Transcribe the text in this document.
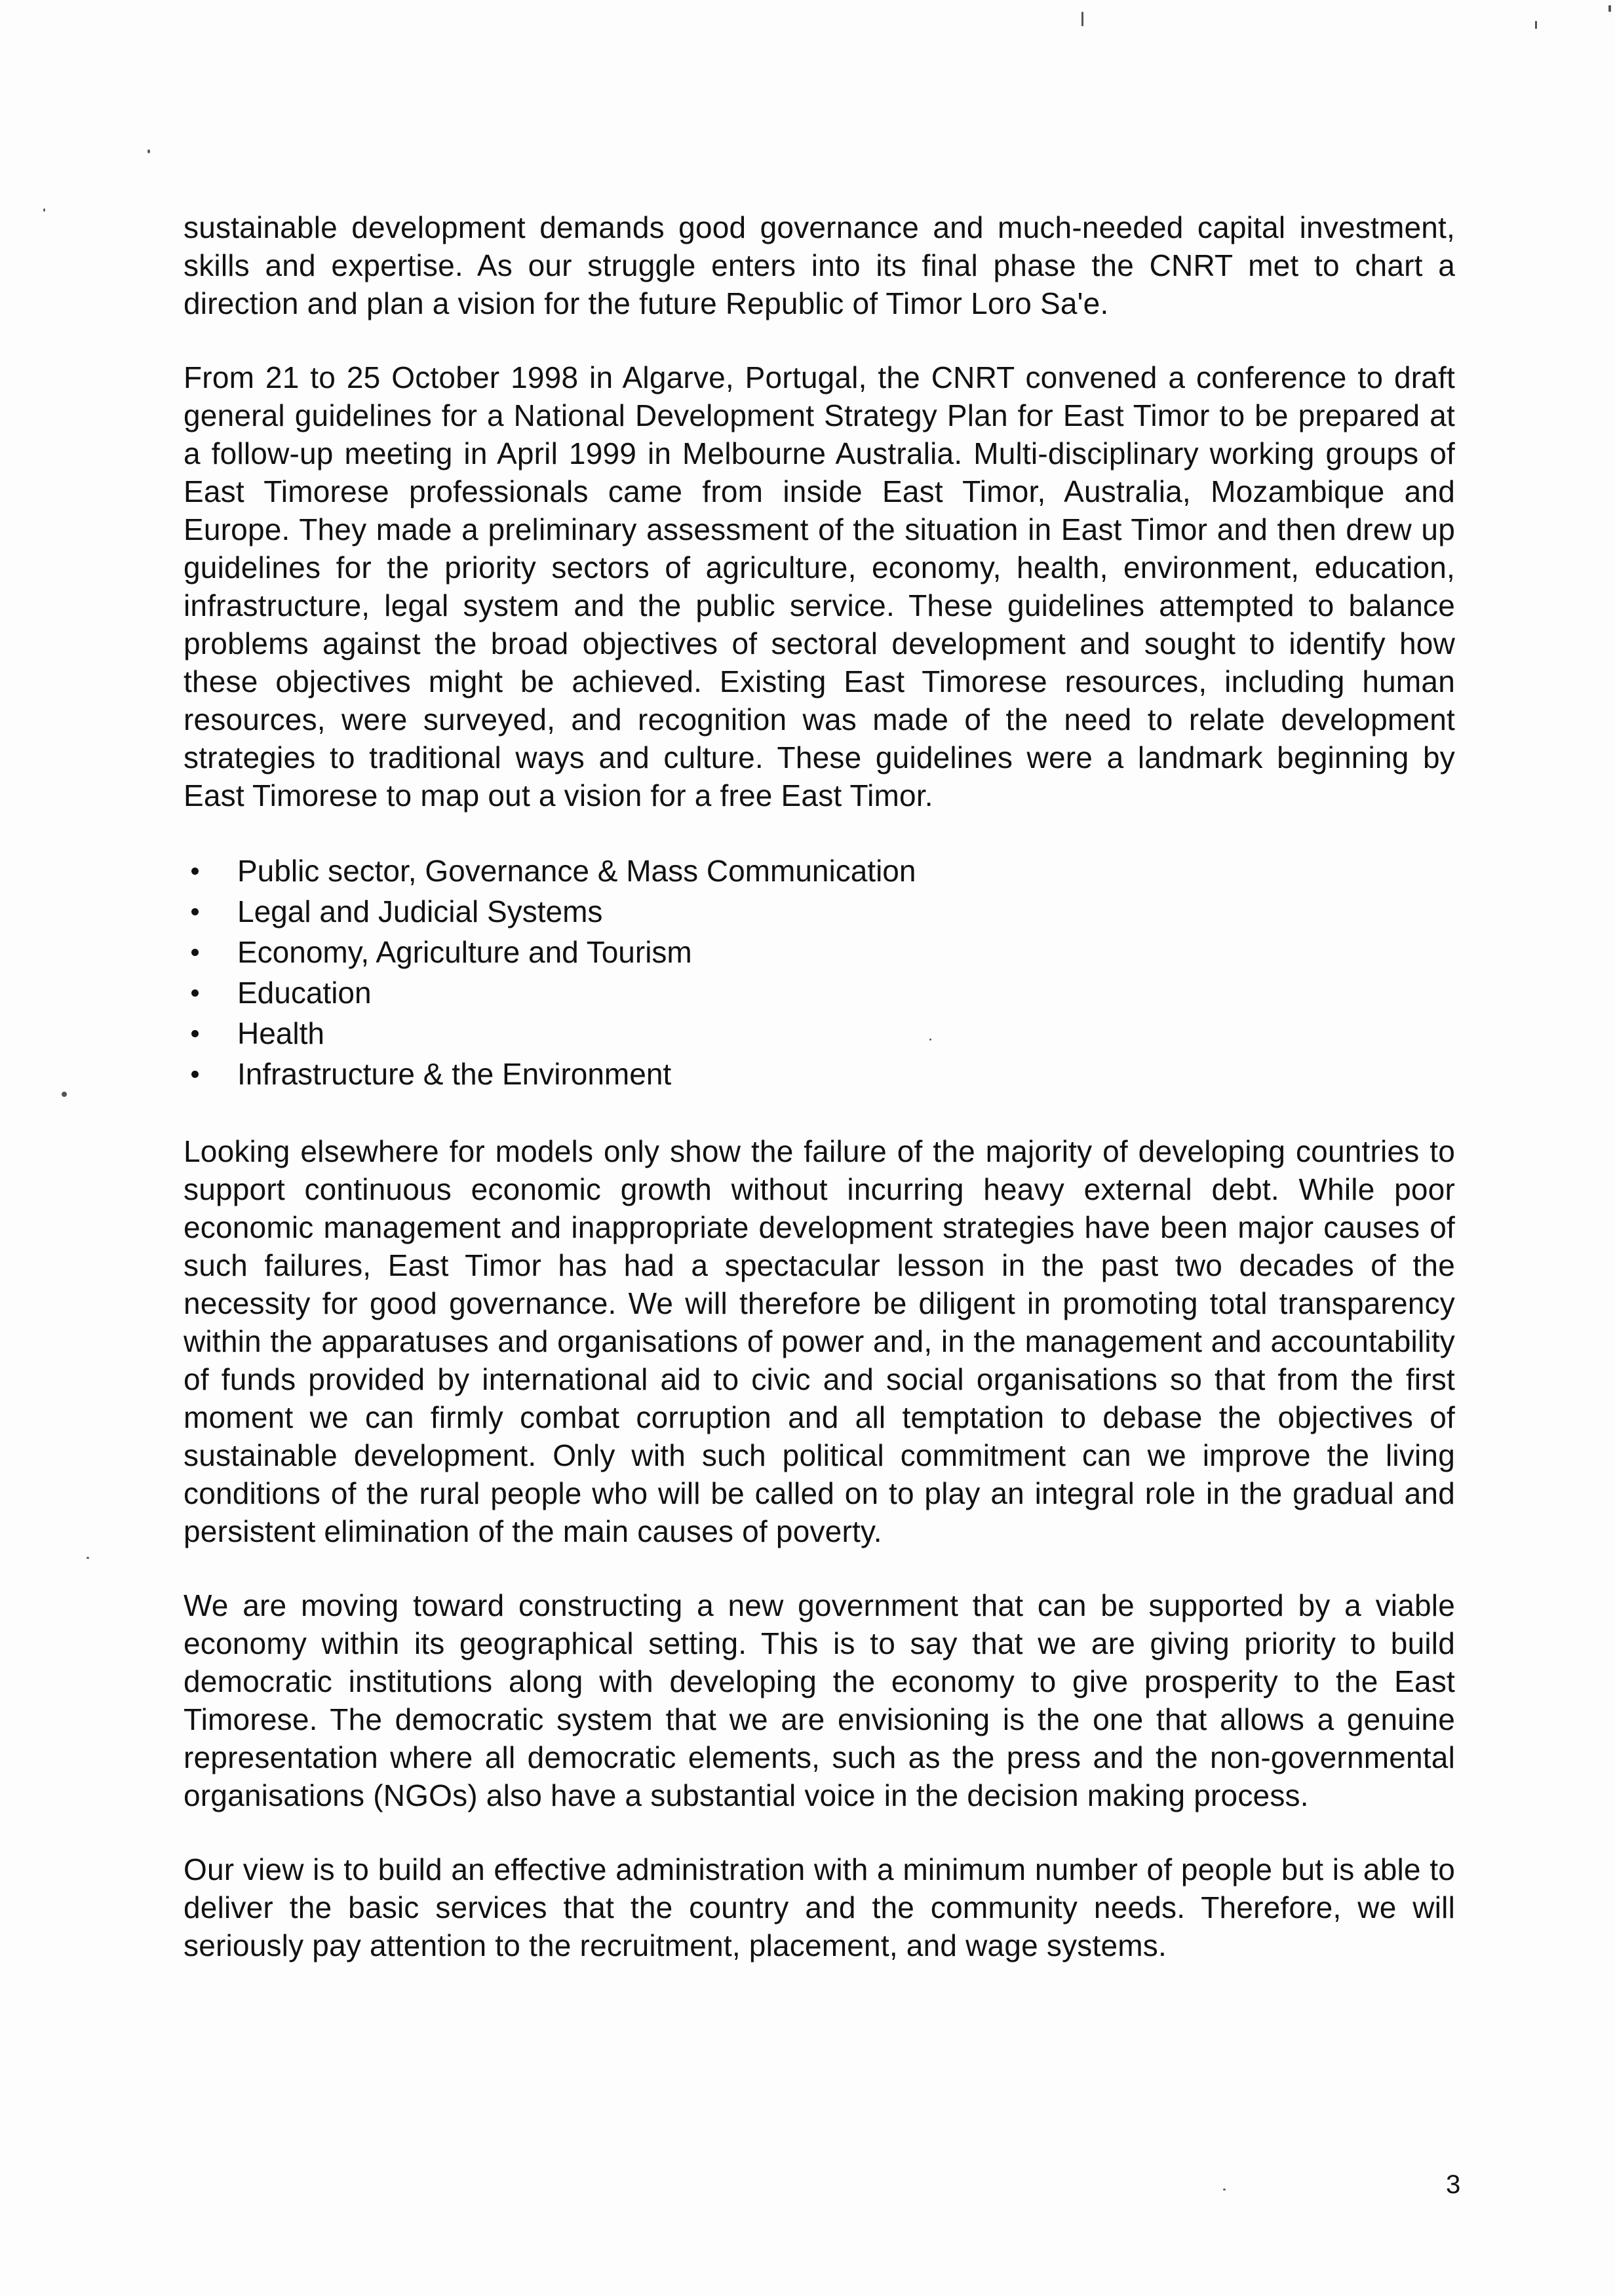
sustainable development demands good governance and much-needed capital investment, skills and expertise. As our struggle enters into its final phase the CNRT met to chart a direction and plan a vision for the future Republic of Timor Loro Sa'e.

From 21 to 25 October 1998 in Algarve, Portugal, the CNRT convened a conference to draft general guidelines for a National Development Strategy Plan for East Timor to be prepared at a follow-up meeting in April 1999 in Melbourne Australia. Multi-disciplinary working groups of East Timorese professionals came from inside East Timor, Australia, Mozambique and Europe. They made a preliminary assessment of the situation in East Timor and then drew up guidelines for the priority sectors of agriculture, economy, health, environment, education, infrastructure, legal system and the public service. These guidelines attempted to balance problems against the broad objectives of sectoral development and sought to identify how these objectives might be achieved. Existing East Timorese resources, including human resources, were surveyed, and recognition was made of the need to relate development strategies to traditional ways and culture. These guidelines were a landmark beginning by East Timorese to map out a vision for a free East Timor.

Public sector, Governance & Mass Communication
Legal and Judicial Systems
Economy, Agriculture and Tourism
Education
Health
Infrastructure & the Environment

Looking elsewhere for models only show the failure of the majority of developing countries to support continuous economic growth without incurring heavy external debt. While poor economic management and inappropriate development strategies have been major causes of such failures, East Timor has had a spectacular lesson in the past two decades of the necessity for good governance. We will therefore be diligent in promoting total transparency within the apparatuses and organisations of power and, in the management and accountability of funds provided by international aid to civic and social organisations so that from the first moment we can firmly combat corruption and all temptation to debase the objectives of sustainable development. Only with such political commitment can we improve the living conditions of the rural people who will be called on to play an integral role in the gradual and persistent elimination of the main causes of poverty.

We are moving toward constructing a new government that can be supported by a viable economy within its geographical setting. This is to say that we are giving priority to build democratic institutions along with developing the economy to give prosperity to the East Timorese. The democratic system that we are envisioning is the one that allows a genuine representation where all democratic elements, such as the press and the non-governmental organisations (NGOs) also have a substantial voice in the decision making process.

Our view is to build an effective administration with a minimum number of people but is able to deliver the basic services that the country and the community needs. Therefore, we will seriously pay attention to the recruitment, placement, and wage systems.

3
